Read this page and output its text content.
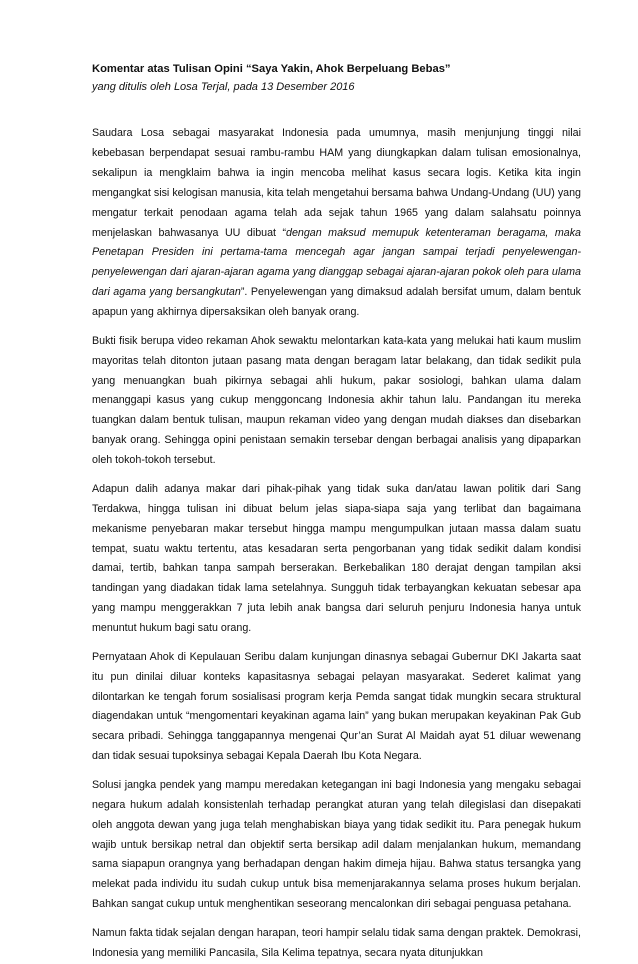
Komentar atas Tulisan Opini “Saya Yakin, Ahok Berpeluang Bebas”

yang ditulis oleh Losa Terjal, pada 13 Desember 2016

Saudara Losa sebagai masyarakat Indonesia pada umumnya, masih menjunjung tinggi nilai kebebasan berpendapat sesuai rambu-rambu HAM yang diungkapkan dalam tulisan emosionalnya, sekalipun ia mengklaim bahwa ia ingin mencoba melihat kasus secara logis. Ketika kita ingin mengangkat sisi kelogisan manusia, kita telah mengetahui bersama bahwa Undang-Undang (UU) yang mengatur terkait penodaan agama telah ada sejak tahun 1965 yang dalam salahsatu poinnya menjelaskan bahwasanya UU dibuat “dengan maksud memupuk ketenteraman beragama, maka Penetapan Presiden ini pertama-tama mencegah agar jangan sampai terjadi penyelewengan-penyelewengan dari ajaran-ajaran agama yang dianggap sebagai ajaran-ajaran pokok oleh para ulama dari agama yang bersangkutan”. Penyelewengan yang dimaksud adalah bersifat umum, dalam bentuk apapun yang akhirnya dipersaksikan oleh banyak orang.

Bukti fisik berupa video rekaman Ahok sewaktu melontarkan kata-kata yang melukai hati kaum muslim mayoritas telah ditonton jutaan pasang mata dengan beragam latar belakang, dan tidak sedikit pula yang menuangkan buah pikirnya sebagai ahli hukum, pakar sosiologi, bahkan ulama dalam menanggapi kasus yang cukup menggoncang Indonesia akhir tahun lalu. Pandangan itu mereka tuangkan dalam bentuk tulisan, maupun rekaman video yang dengan mudah diakses dan disebarkan banyak orang. Sehingga opini penistaan semakin tersebar dengan berbagai analisis yang dipaparkan oleh tokoh-tokoh tersebut.

Adapun dalih adanya makar dari pihak-pihak yang tidak suka dan/atau lawan politik dari Sang Terdakwa, hingga tulisan ini dibuat belum jelas siapa-siapa saja yang terlibat dan bagaimana mekanisme penyebaran makar tersebut hingga mampu mengumpulkan jutaan massa dalam suatu tempat, suatu waktu tertentu, atas kesadaran serta pengorbanan yang tidak sedikit dalam kondisi damai, tertib, bahkan tanpa sampah berserakan. Berkebalikan 180 derajat dengan tampilan aksi tandingan yang diadakan tidak lama setelahnya. Sungguh tidak terbayangkan kekuatan sebesar apa yang mampu menggerakkan 7 juta lebih anak bangsa dari seluruh penjuru Indonesia hanya untuk menuntut hukum bagi satu orang.

Pernyataan Ahok di Kepulauan Seribu dalam kunjungan dinasnya sebagai Gubernur DKI Jakarta saat itu pun dinilai diluar konteks kapasitasnya sebagai pelayan masyarakat. Sederet kalimat yang dilontarkan ke tengah forum sosialisasi program kerja Pemda sangat tidak mungkin secara struktural diagendakan untuk “mengomentari keyakinan agama lain” yang bukan merupakan keyakinan Pak Gub secara pribadi. Sehingga tanggapannya mengenai Qur’an Surat Al Maidah ayat 51 diluar wewenang dan tidak sesuai tupoksinya sebagai Kepala Daerah Ibu Kota Negara.

Solusi jangka pendek yang mampu meredakan ketegangan ini bagi Indonesia yang mengaku sebagai negara hukum adalah konsistenlah terhadap perangkat aturan yang telah dilegislasi dan disepakati oleh anggota dewan yang juga telah menghabiskan biaya yang tidak sedikit itu. Para penegak hukum wajib untuk bersikap netral dan objektif serta bersikap adil dalam menjalankan hukum, memandang sama siapapun orangnya yang berhadapan dengan hakim dimeja hijau. Bahwa status tersangka yang melekat pada individu itu sudah cukup untuk bisa memenjarakannya selama proses hukum berjalan. Bahkan sangat cukup untuk menghentikan seseorang mencalonkan diri sebagai penguasa petahana.

Namun fakta tidak sejalan dengan harapan, teori hampir selalu tidak sama dengan praktek. Demokrasi, Indonesia yang memiliki Pancasila, Sila Kelima tepatnya, secara nyata ditunjukkan
